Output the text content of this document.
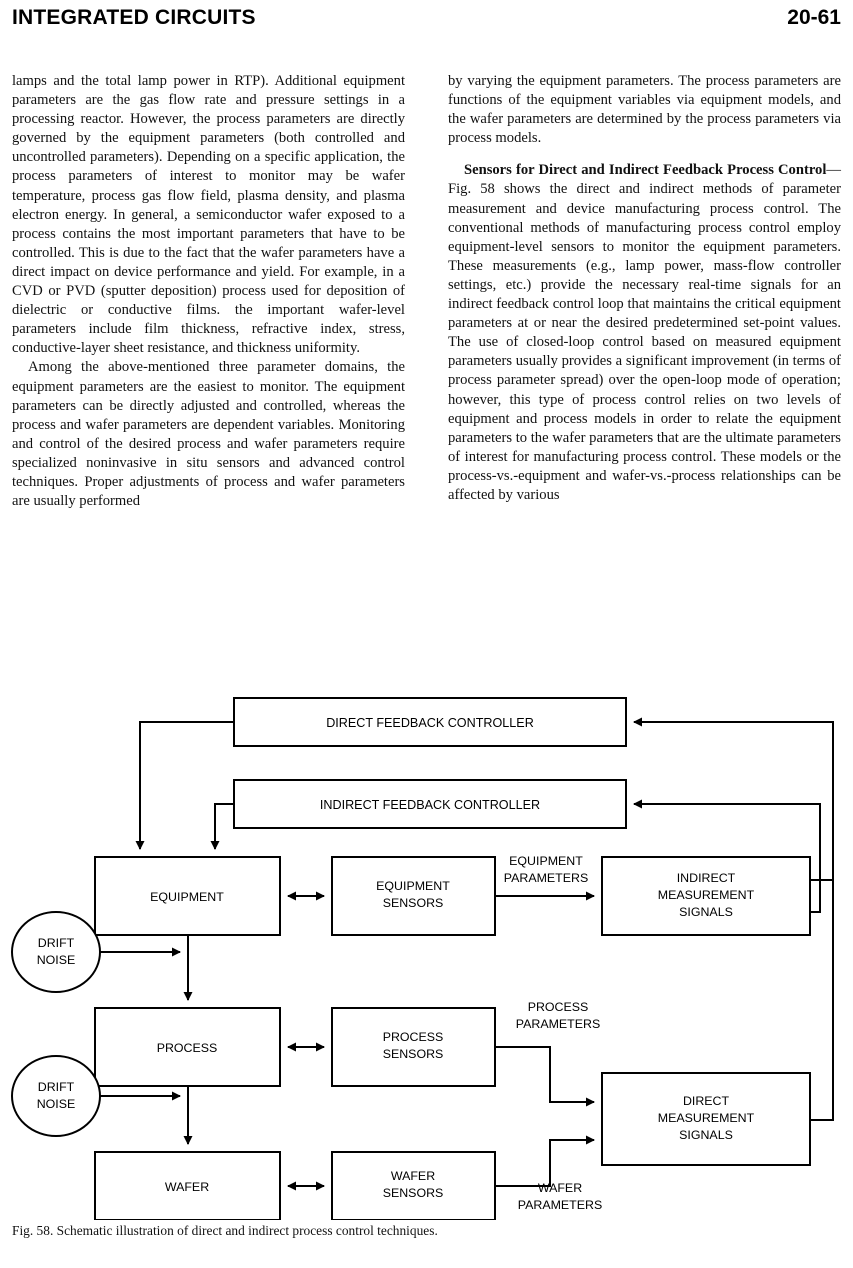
INTEGRATED CIRCUITS	20-61

lamps and the total lamp power in RTP). Additional equipment parameters are the gas flow rate and pressure settings in a processing reactor. However, the process parameters are directly governed by the equipment parameters (both controlled and uncontrolled parameters). Depending on a specific application, the process parameters of interest to monitor may be wafer temperature, process gas flow field, plasma density, and plasma electron energy. In general, a semiconductor wafer exposed to a process contains the most important parameters that have to be controlled. This is due to the fact that the wafer parameters have a direct impact on device performance and yield. For example, in a CVD or PVD (sputter deposition) process used for deposition of dielectric or conductive films. the important wafer-level parameters include film thickness, refractive index, stress, conductive-layer sheet resistance, and thickness uniformity.

Among the above-mentioned three parameter domains, the equipment parameters are the easiest to monitor. The equipment parameters can be directly adjusted and controlled, whereas the process and wafer parameters are dependent variables. Monitoring and control of the desired process and wafer parameters require specialized noninvasive in situ sensors and advanced control techniques. Proper adjustments of process and wafer parameters are usually performed

by varying the equipment parameters. The process parameters are functions of the equipment variables via equipment models, and the wafer parameters are determined by the process parameters via process models.

Sensors for Direct and Indirect Feedback Process Control—Fig. 58 shows the direct and indirect methods of parameter measurement and device manufacturing process control. The conventional methods of manufacturing process control employ equipment-level sensors to monitor the equipment parameters. These measurements (e.g., lamp power, mass-flow controller settings, etc.) provide the necessary real-time signals for an indirect feedback control loop that maintains the critical equipment parameters at or near the desired predetermined set-point values. The use of closed-loop control based on measured equipment parameters usually provides a significant improvement (in terms of process parameter spread) over the open-loop mode of operation; however, this type of process control relies on two levels of equipment and process models in order to relate the equipment parameters to the wafer parameters that are the ultimate parameters of interest for manufacturing process control. These models or the process-vs.-equipment and wafer-vs.-process relationships can be affected by various

DIRECT FEEDBACK CONTROLLER
INDIRECT FEEDBACK CONTROLLER
EQUIPMENT
EQUIPMENT
SENSORS
INDIRECT
MEASUREMENT
SIGNALS
PROCESS
PROCESS
SENSORS
DIRECT
MEASUREMENT
SIGNALS
WAFER
WAFER
SENSORS
DRIFT
NOISE
DRIFT
NOISE
EQUIPMENT
PARAMETERS
PROCESS
PARAMETERS
WAFER
PARAMETERS
Fig. 58. Schematic illustration of direct and indirect process control techniques.
